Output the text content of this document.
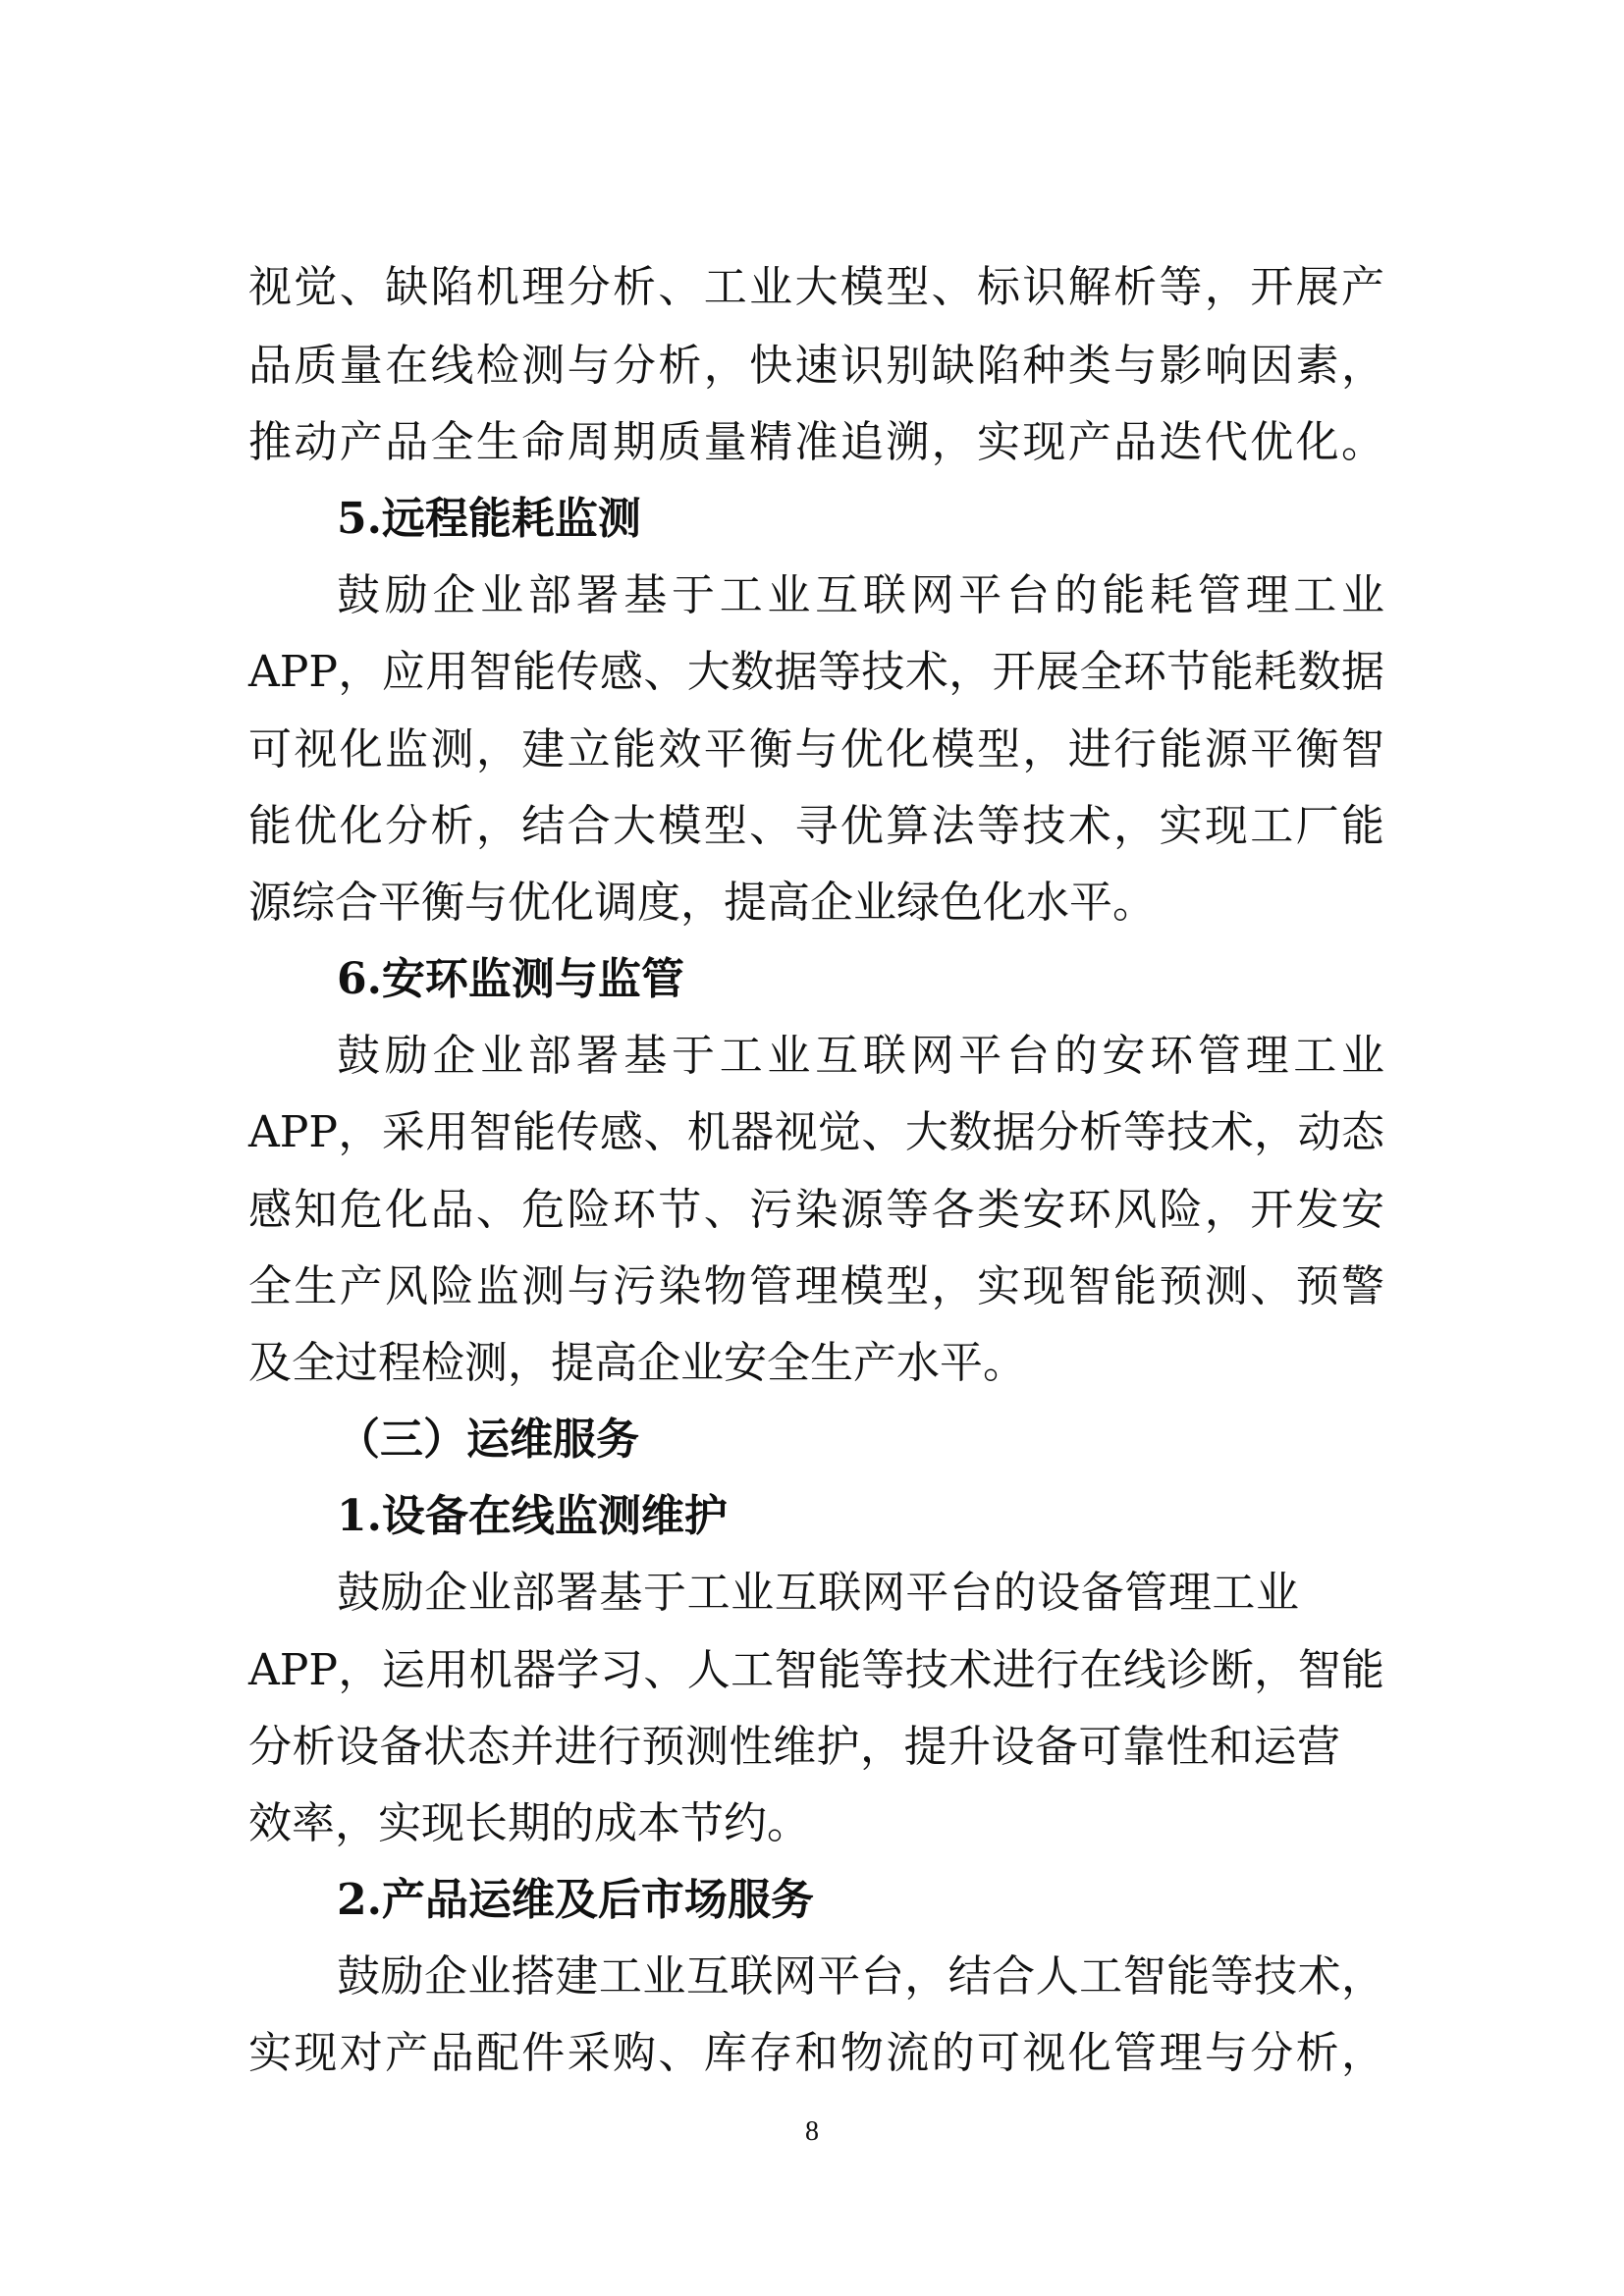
视觉、缺陷机理分析、工业大模型、标识解析等，开展产

品质量在线检测与分析，快速识别缺陷种类与影响因素，

推动产品全生命周期质量精准追溯，实现产品迭代优化。

5.远程能耗监测

鼓励企业部署基于工业互联网平台的能耗管理工业

APP，应用智能传感、大数据等技术，开展全环节能耗数据

可视化监测，建立能效平衡与优化模型，进行能源平衡智

能优化分析，结合大模型、寻优算法等技术，实现工厂能

源综合平衡与优化调度，提高企业绿色化水平。

6.安环监测与监管

鼓励企业部署基于工业互联网平台的安环管理工业

APP，采用智能传感、机器视觉、大数据分析等技术，动态

感知危化品、危险环节、污染源等各类安环风险，开发安

全生产风险监测与污染物管理模型，实现智能预测、预警

及全过程检测，提高企业安全生产水平。

（三）运维服务

1.设备在线监测维护

鼓励企业部署基于工业互联网平台的设备管理工业

APP，运用机器学习、人工智能等技术进行在线诊断，智能

分析设备状态并进行预测性维护，提升设备可靠性和运营

效率，实现长期的成本节约。

2.产品运维及后市场服务

鼓励企业搭建工业互联网平台，结合人工智能等技术，

实现对产品配件采购、库存和物流的可视化管理与分析，

8
